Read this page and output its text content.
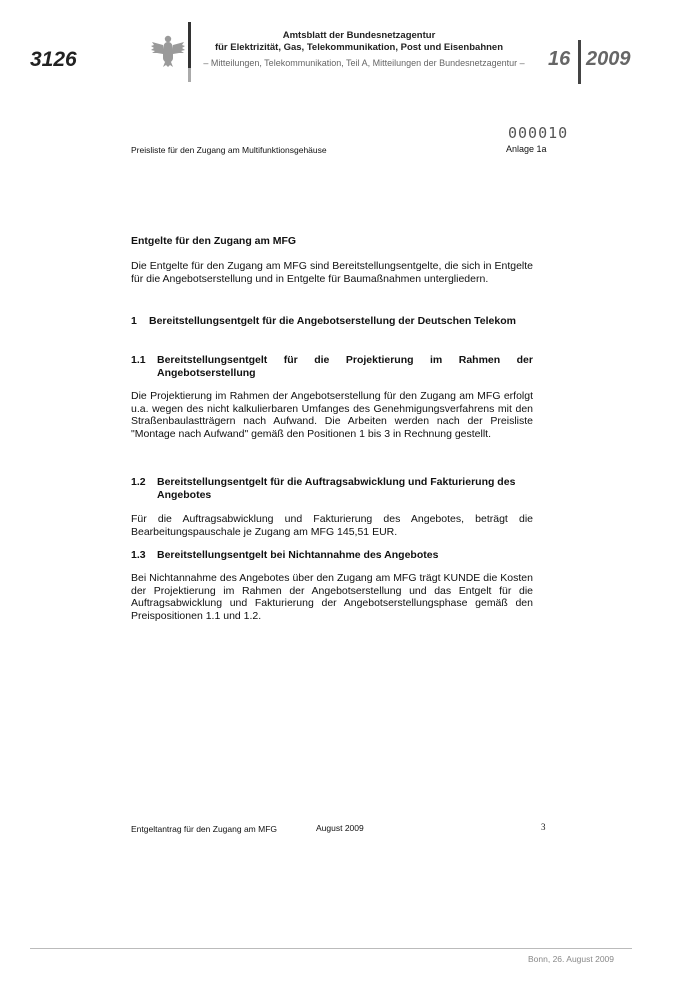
3126
Amtsblatt der Bundesnetzagentur
für Elektrizität, Gas, Telekommunikation, Post und Eisenbahnen
– Mitteilungen, Telekommunikation, Teil A, Mitteilungen der Bundesnetzagentur –	16 2009
000010
Preisliste für den Zugang am Multifunktionsgehäuse	Anlage 1a
Entgelte für den Zugang am MFG
Die Entgelte für den Zugang am MFG sind Bereitstellungsentgelte, die sich in Entgelte für die Angebotserstellung und in Entgelte für Baumaßnahmen untergliedern.
1 Bereitstellungsentgelt für die Angebotserstellung der Deutschen Telekom
1.1 Bereitstellungsentgelt für die Projektierung im Rahmen der
Angebotserstellung
Die Projektierung im Rahmen der Angebotserstellung für den Zugang am MFG erfolgt u.a. wegen des nicht kalkulierbaren Umfanges des Genehmigungsverfahrens mit den Straßenbaulastträgern nach Aufwand. Die Arbeiten werden nach der Preisliste "Montage nach Aufwand" gemäß den Positionen 1 bis 3 in Rechnung gestellt.
1.2 Bereitstellungsentgelt für die Auftragsabwicklung und Fakturierung des Angebotes
Für die Auftragsabwicklung und Fakturierung des Angebotes, beträgt die Bearbeitungspauschale je Zugang am MFG 145,51 EUR.
1.3 Bereitstellungsentgelt bei Nichtannahme des Angebotes
Bei Nichtannahme des Angebotes über den Zugang am MFG trägt KUNDE die Kosten der Projektierung im Rahmen der Angebotserstellung und das Entgelt für die Auftragsabwicklung und Fakturierung der Angebotserstellungsphase gemäß den Preispositionen 1.1 und 1.2.
Entgeltantrag für den Zugang am MFG	August 2009	3
Bonn, 26. August 2009
